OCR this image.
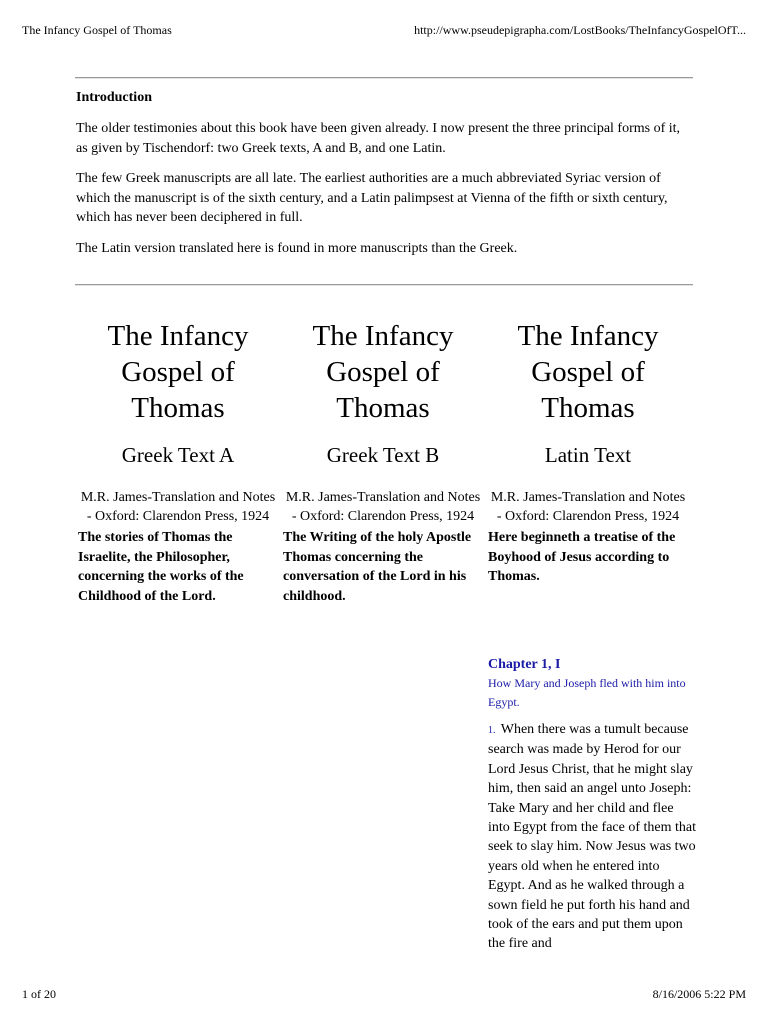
The Infancy Gospel of Thomas	http://www.pseudepigrapha.com/LostBooks/TheInfancyGospelOfT...
Introduction

The older testimonies about this book have been given already. I now present the three principal forms of it, as given by Tischendorf: two Greek texts, A and B, and one Latin.

The few Greek manuscripts are all late. The earliest authorities are a much abbreviated Syriac version of which the manuscript is of the sixth century, and a Latin palimpsest at Vienna of the fifth or sixth century, which has never been deciphered in full.

The Latin version translated here is found in more manuscripts than the Greek.

The Infancy Gospel of Thomas
Greek Text A
M.R. James-Translation and Notes
- Oxford: Clarendon Press, 1924

The stories of Thomas the Israelite, the Philosopher, concerning the works of the Childhood of the Lord.

The Infancy Gospel of Thomas
Greek Text B
M.R. James-Translation and Notes
- Oxford: Clarendon Press, 1924

The Writing of the holy Apostle Thomas concerning the conversation of the Lord in his childhood.

The Infancy Gospel of Thomas
Latin Text
M.R. James-Translation and Notes
- Oxford: Clarendon Press, 1924

Here beginneth a treatise of the Boyhood of Jesus according to Thomas.

Chapter 1, I

How Mary and Joseph fled with him into Egypt.

1. When there was a tumult because search was made by Herod for our Lord Jesus Christ, that he might slay him, then said an angel unto Joseph: Take Mary and her child and flee into Egypt from the face of them that seek to slay him. Now Jesus was two years old when he entered into Egypt. And as he walked through a sown field he put forth his hand and took of the ears and put them upon the fire and

1 of 20	8/16/2006 5:22 PM
